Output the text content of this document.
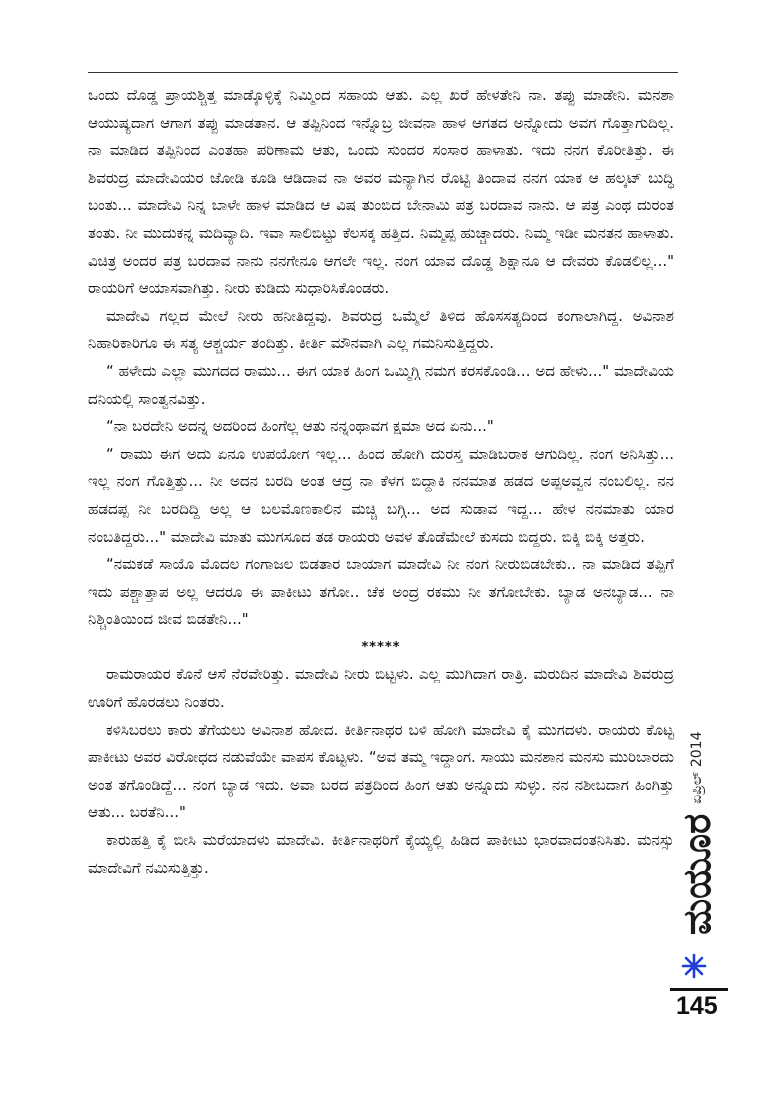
ಒಂದು ದೊಡ್ಡ ಪ್ರಾಯಶ್ಚಿತ್ತ ಮಾಡ್ಕೊಳ್ಳಿಕ್ಕೆ ನಿಮ್ಮಿಂದ ಸಹಾಯ ಆತು. ಎಲ್ಲ ಖರೆ ಹೇಳತೇನಿ ನಾ. ತಪ್ಪು ಮಾಡೇನಿ. ಮನಶಾ ಆಯುಷ್ಯದಾಗ ಆಗಾಗ ತಪ್ಪು ಮಾಡತಾನ. ಆ ತಪ್ಪಿನಿಂದ ಇನ್ನೊಬ್ರ ಜೀವನಾ ಹಾಳ ಆಗತದ ಅನ್ನೋದು ಅವಗ ಗೊತ್ತಾಗುದಿಲ್ಲ. ನಾ ಮಾಡಿದ ತಪ್ಪಿನಿಂದ ಎಂತಹಾ ಪರಿಣಾಮ ಆತು, ಒಂದು ಸುಂದರ ಸಂಸಾರ ಹಾಳಾತು. ಇದು ನನಗ ಕೊರೀತಿತ್ತು. ಈ ಶಿವರುದ್ರ ಮಾದೇವಿಯರ ಜೋಡಿ ಕೂಡಿ ಆಡಿದಾವ ನಾ ಅವರ ಮನ್ಯಾಗಿನ ರೊಟ್ಟಿ ತಿಂದಾವ ನನಗ ಯಾಕ ಆ ಹಲ್ಕಟ್ ಬುದ್ಧಿ ಬಂತು... ಮಾದೇವಿ ನಿನ್ನ ಬಾಳೇ ಹಾಳ ಮಾಡಿದ ಆ ವಿಷ ತುಂಬಿದ ಬೇನಾಮಿ ಪತ್ರ ಬರದಾವ ನಾನು. ಆ ಪತ್ರ ಎಂಥ ದುರಂತ ತಂತು. ನೀ ಮುದುಕನ್ನ ಮದಿವ್ಯಾದಿ. ಇವಾ ಸಾಲಿಬಿಟ್ಟು ಕೆಲಸಕ್ಕ ಹತ್ತಿದ. ನಿಮ್ಮಪ್ಪ ಹುಚ್ಚಾದರು. ನಿಮ್ಮ ಇಡೀ ಮನತನ ಹಾಳಾತು. ವಿಚಿತ್ರ ಅಂದರ ಪತ್ರ ಬರದಾವ ನಾನು ನನಗೇನೂ ಆಗಲೇ ಇಲ್ಲ. ನಂಗ ಯಾವ ದೊಡ್ಡ ಶಿಕ್ಷಾನೂ ಆ ದೇವರು ಕೊಡಲಿಲ್ಲ..." ರಾಯರಿಗೆ ಆಯಾಸವಾಗಿತ್ತು. ನೀರು ಕುಡಿದು ಸುಧಾರಿಸಿಕೊಂಡರು.

ಮಾದೇವಿ ಗಲ್ಲದ ಮೇಲೆ ನೀರು ಹನೀತಿದ್ದವು. ಶಿವರುದ್ರ ಒಮ್ಮೆಲೆ ತಿಳಿದ ಹೊಸಸತ್ಯದಿಂದ ಕಂಗಾಲಾಗಿದ್ದ. ಅವಿನಾಶ ನಿಹಾರಿಕಾರಿಗೂ ಈ ಸತ್ಯ ಆಶ್ಚರ್ಯ ತಂದಿತ್ತು. ಕೀರ್ತಿ ಮೌನವಾಗಿ ಎಲ್ಲ ಗಮನಿಸುತ್ತಿದ್ದರು.

“ ಹಳೇದು ಎಲ್ಲಾ ಮುಗದದ ರಾಮು... ಈಗ ಯಾಕ ಹಿಂಗ ಒಮ್ಮಿಗ್ಗಿ ನಮಗ ಕರಸಕೊಂಡಿ... ಅದ ಹೇಳು..." ಮಾದೇವಿಯ ದನಿಯಲ್ಲಿ ಸಾಂತ್ವನವಿತ್ತು.

“ನಾ ಬರದೇನಿ ಅದನ್ನ ಅದರಿಂದ ಹಿಂಗೆಲ್ಲ ಆತು ನನ್ನಂಥಾವಗ ಕ್ಷಮಾ ಅದ ಏನು..."

“ ರಾಮು ಈಗ ಅದು ಏನೂ ಉಪಯೋಗ ಇಲ್ಲ... ಹಿಂದ ಹೋಗಿ ದುರಸ್ತ ಮಾಡಿಬರಾಕ ಆಗುದಿಲ್ಲ. ನಂಗ ಅನಿಸಿತ್ತು... ಇಲ್ಲ ನಂಗ ಗೊತ್ತಿತ್ತು... ನೀ ಅದನ ಬರದಿ ಅಂತ ಆದ್ರ ನಾ ಕೆಳಗ ಬಿದ್ದಾಕಿ ನನಮಾತ ಹಡದ ಅಪ್ಪಅವ್ವನ ನಂಬಲಿಲ್ಲ. ನನ ಹಡದಪ್ಪ ನೀ ಬರದಿದ್ದಿ ಅಲ್ಲ ಆ ಬಲಮೊಣಕಾಲಿನ ಮಚ್ಚಿ ಬಗ್ಗಿ... ಅದ ಸುಡಾವ ಇದ್ದ... ಹೇಳ ನನಮಾತು ಯಾರ ನಂಬತಿದ್ದರು..." ಮಾದೇವಿ ಮಾತು ಮುಗಸೂದ ತಡ ರಾಯರು ಅವಳ ತೊಡೆಮೇಲೆ ಕುಸದು ಬಿದ್ದರು. ಬಿಕ್ಕಿ ಬಿಕ್ಕಿ ಅತ್ತರು.

“ನಮಕಡೆ ಸಾಯೊ ಮೊದಲ ಗಂಗಾಜಲ ಬಿಡತಾರ ಬಾಯಾಗ ಮಾದೇವಿ ನೀ ನಂಗ ನೀರುಬಿಡಬೇಕು.. ನಾ ಮಾಡಿದ ತಪ್ಪಿಗೆ ಇದು ಪಶ್ಚಾತ್ತಾಪ ಅಲ್ಲ ಆದರೂ ಈ ಪಾಕೀಟು ತಗೋ.. ಚೆಕ ಅಂದ್ರ ರಕಮು ನೀ ತಗೋಬೇಕು. ಬ್ಯಾಡ ಅನಬ್ಯಾಡ... ನಾ ನಿಶ್ಚಿಂತಿಯಿಂದ ಜೀವ ಬಿಡತೇನಿ..."

*****

ರಾಮರಾಯರ ಕೊನೆ ಆಸೆ ನೆರವೇರಿತ್ತು. ಮಾದೇವಿ ನೀರು ಬಿಟ್ಟಳು. ಎಲ್ಲ ಮುಗಿದಾಗ ರಾತ್ರಿ. ಮರುದಿನ ಮಾದೇವಿ ಶಿವರುದ್ರ ಊರಿಗೆ ಹೊರಡಲು ನಿಂತರು.

ಕಳಿಸಿಬರಲು ಕಾರು ತೆಗೆಯಲು ಅವಿನಾಶ ಹೋದ. ಕೀರ್ತಿನಾಥರ ಬಳಿ ಹೋಗಿ ಮಾದೇವಿ ಕೈ ಮುಗದಳು. ರಾಯರು ಕೊಟ್ಟ ಪಾಕೀಟು ಅವರ ವಿರೋಧದ ನಡುವೆಯೇ ವಾಪಸ ಕೊಟ್ಟಳು. “ಅವ ತಮ್ಮ ಇದ್ದಾಂಗ. ಸಾಯು ಮನಶಾನ ಮನಸು ಮುರಿಬಾರದು ಅಂತ ತಗೊಂಡಿದ್ದೆ... ನಂಗ ಬ್ಯಾಡ ಇದು. ಅವಾ ಬರದ ಪತ್ರದಿಂದ ಹಿಂಗ ಆತು ಅನ್ನೂದು ಸುಳ್ಳು. ನನ ನಶೀಬದಾಗ ಹಿಂಗಿತ್ತು ಆತು... ಬರತೆನಿ..."

ಕಾರುಹತ್ತಿ ಕೈ ಬೀಸಿ ಮರೆಯಾದಳು ಮಾದೇವಿ. ಕೀರ್ತಿನಾಥರಿಗೆ ಕೈಯ್ಯಲ್ಲಿ ಹಿಡಿದ ಪಾಕೀಟು ಭಾರವಾದಂತನಿಸಿತು. ಮನಸ್ಸು ಮಾದೇವಿಗೆ ನಮಿಸುತ್ತಿತ್ತು.	ಮಯೂರ
ಏಪ್ರಿಲ್ 2014
145
